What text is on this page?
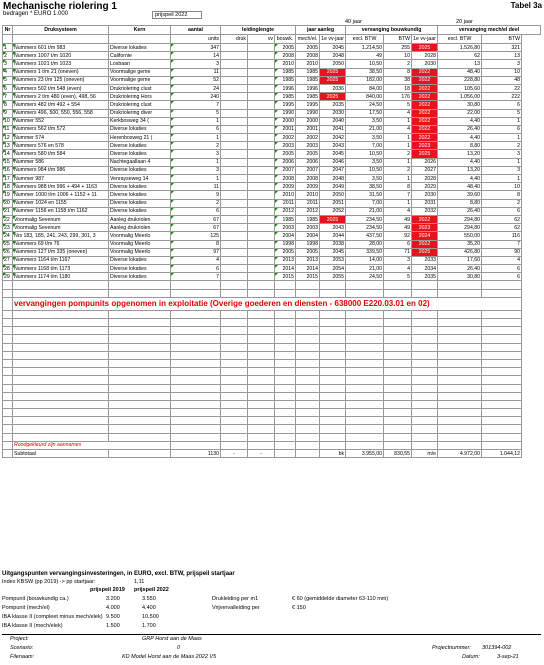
Mechanische riolering 1
bedragen * EURO 1.000	prijspeil 2022
Tabel 3a
40 jaar	20 jaar
Nr	Druksysteem	Kern	aantal	leidinglengte			jaar aanleg		vervanging bouwkundig			vervanging mech/el deel	
			units	druk	vv	bouwk.	mech/el.	1e vv-jaar	excl. BTW	BTW	1e vv-jaar	excl. BTW	BTW
1	Nummers 601 t/m 983	Diverse lokaties	347			2005	2005	2045	1.214,50	255	2025	1.526,80	321
2	Nummers 1007 t/m 1020	Californie	14			2008	2008	2048	49	10	2028	62	13
3	Nummers 1021 t/m 1023	Losbaan	3			2010	2010	2050	10,50	2	2030	13	3
4	Nummers 1 t/m 21 (oneven)	Voormalige geme	11			1985	1985	2025	38,50	8	2022	48,40	10
5	Nummers 23 t/m 125 (oneven)	Voormalige geme	52			1985	1985	2025	182,00	38	2022	228,80	48
6	Nummers 502 t/m 548 (even)	Drukriolering clust	24			1996	1996	2036	84,00	18	2022	105,60	22
7	Nummers 2 t/m 480 (even), 498, 56	Drukriolering Hors	240			1985	1985	2025	840,00	176	2022	1.056,00	222
8	Nummers 482 t/m 492 + 554	Drukriolering clust	7			1995	1995	2035	24,50	5	2022	30,80	6
9	Nummers 496, 500, 550, 556, 558	Drukriolering diver	5			1990	1990	2030	17,50	4	2022	22,00	5
10	Nummer 552	Kerkbosweg 34 (	1			2000	2000	2040	3,50	1	2022	4,40	1
11	Nummers 562 t/m 572	Diverse lokaties	6			2001	2001	2041	21,00	4	2022	26,40	6
12	Nummer 574	Herenbosweg 21 (	1			2002	2002	2042	3,50	1	2022	4,40	1
13	Nummers 576 en 578	Diverse lokaties	2			2003	2003	2043	7,00	1	2023	8,80	2
14	Nummers 580 t/m 584	Diverse lokaties	3			2005	2005	2045	10,50	2	2025	13,20	3
15	Nummer 586	Nachtegaallaan 4	1			2006	2006	2046	3,50	1	2026	4,40	1
16	Nummers 984 t/m 986	Diverse lokaties	3			2007	2007	2047	10,50	2	2027	13,20	3
17	Nummer 987	Venrayseweg 14	1			2008	2008	2048	3,50	1	2028	4,40	1
18	Nummers 988 t/m 996 + 494 + 1163	Diverse lokaties	11			2009	2009	2049	38,50	8	2029	48,40	10
19	Nummer 1000 t/m 1006 + 1152 + 11	Diverse lokaties	9			2010	2010	2050	31,50	7	2030	39,60	8
20	Nummer 1024 en 1155	Diverse lokaties	2			2011	2011	2051	7,00	1	2031	8,80	2
21	Nummer 1156 en 1158 t/m 1162	Diverse lokaties	6			2012	2012	2052	21,00	4	2032	26,40	6
22	Voormalig Sevenum	Aanleg drukriolen	67			1985	1985	2025	234,50	49	2022	294,80	62
23	Voormalig Sevenum	Aanleg drukriolen	67			2003	2003	2043	234,50	49	2023	294,80	62
24	Nrs 183, 185, 241, 243, 299, 301, 3	Voormalig Meerlo	125			2004	2004	2044	437,50	92	2024	550,00	116
25	Nummers 69 t/m 76	Voormalig Meerlo	8			1998	1998	2038	28,00	6	2022	35,20	7
26	Nummers 127 t/m 335 (oneven)	Voormalig Meerlo	97			2005	2005	2045	339,50	71	2025	426,80	90
27	Nummers 1164 t/m 1167	Diverse lokaties	4			2013	2013	2053	14,00	3	2033	17,60	4
28	Nummers 1168 t/m 1173	Diverse lokaties	6			2014	2014	2054	21,00	4	2034	26,40	6
29	Nummers 1174 t/m 1180	Diverse lokaties	7			2015	2015	2055	24,50	5	2035	30,80	6

	vervangingen pompunits opgenomen in exploitatie (Overige goederen en diensten - 638000 E220.03.01 en 02)												

	Roodgekleurd zijn aannames												
	Subtotaal		1130	-	-			bk	3.955,00	830,55	m/e	4.972,00	1.044,12
Uitgangspunten vervangingsinvesteringen, in EURO, excl. BTW, prijspeil startjaar
Index KBSW (pp 2019) -> pp startjaar:	1,11
prijspeil 2019 prijspeil 2022
Pompunit (bouwkundig ca.)	3.200	3.550
Pompunit (mech/el)	4.000	4.400
IBA klasse II (compleet minus mech/elek) 9.500	10.500
IBA klasse II (mech/elek)	1.500	1.700
Drukleiding per m1	€ 60 (gemiddelde diameter 63-110 mm)
Vrijvervalleiding per	€ 150
Project:	GRP Horst aan de Maas
Scenario:	0
Filenaam:	KD Model Horst aan de Maas 2022 V5
Projectnummer: 301394-002
Datum:	3-sep-21
